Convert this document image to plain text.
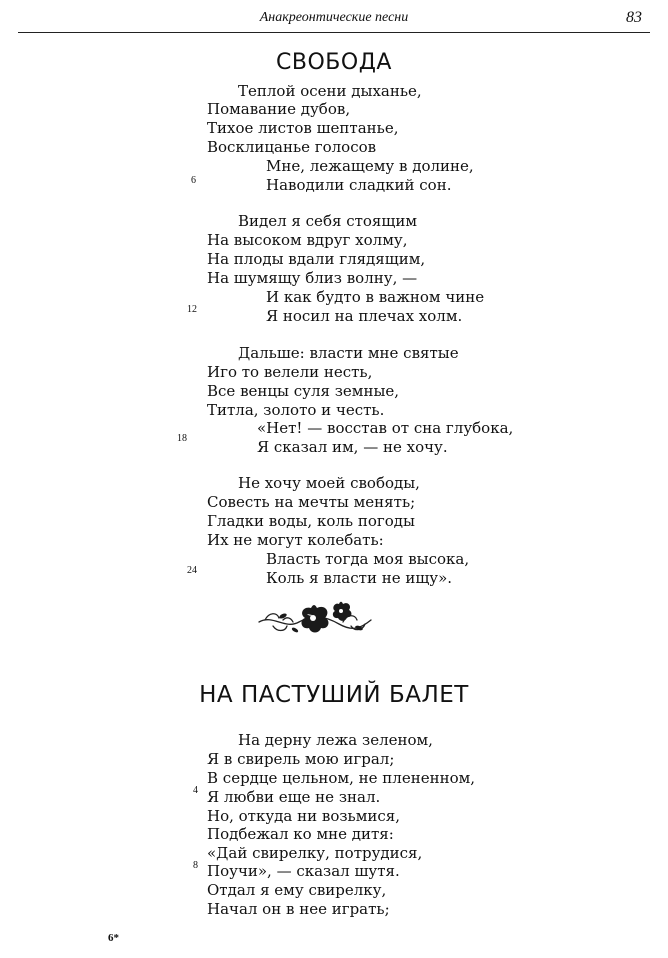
Анакреонтические песни	83
СВОБОДА
Теплой осени дыханье,
Помавание дубов,
Тихое листов шептанье,
Восклицанье голосов
Мне, лежащему в долине,
Наводили сладкий сон.
6
Видел я себя стоящим
На высоком вдруг холму,
На плоды вдали глядящим,
На шумящу близ волну, —
И как будто в важном чине
Я носил на плечах холм.
12
Дальше: власти мне святые
Иго то велели несть,
Все венцы суля земные,
Титла, золото и честь.
«Нет! — восстав от сна глубока,
Я сказал им, — не хочу.
18
Не хочу моей свободы,
Совесть на мечты менять;
Гладки воды, коль погоды
Их не могут колебать:
Власть тогда моя высока,
Коль я власти не ищу».
24
НА ПАСТУШИЙ БАЛЕТ
На дерну лежа зеленом,
Я в свирель мою играл;
В сердце цельном, не плененном,
Я любви еще не знал.
4
Но, откуда ни возьмися,
Подбежал ко мне дитя:
«Дай свирелку, потрудися,
Поучи», — сказал шутя.
8
Отдал я ему свирелку,
Начал он в нее играть;
6*
